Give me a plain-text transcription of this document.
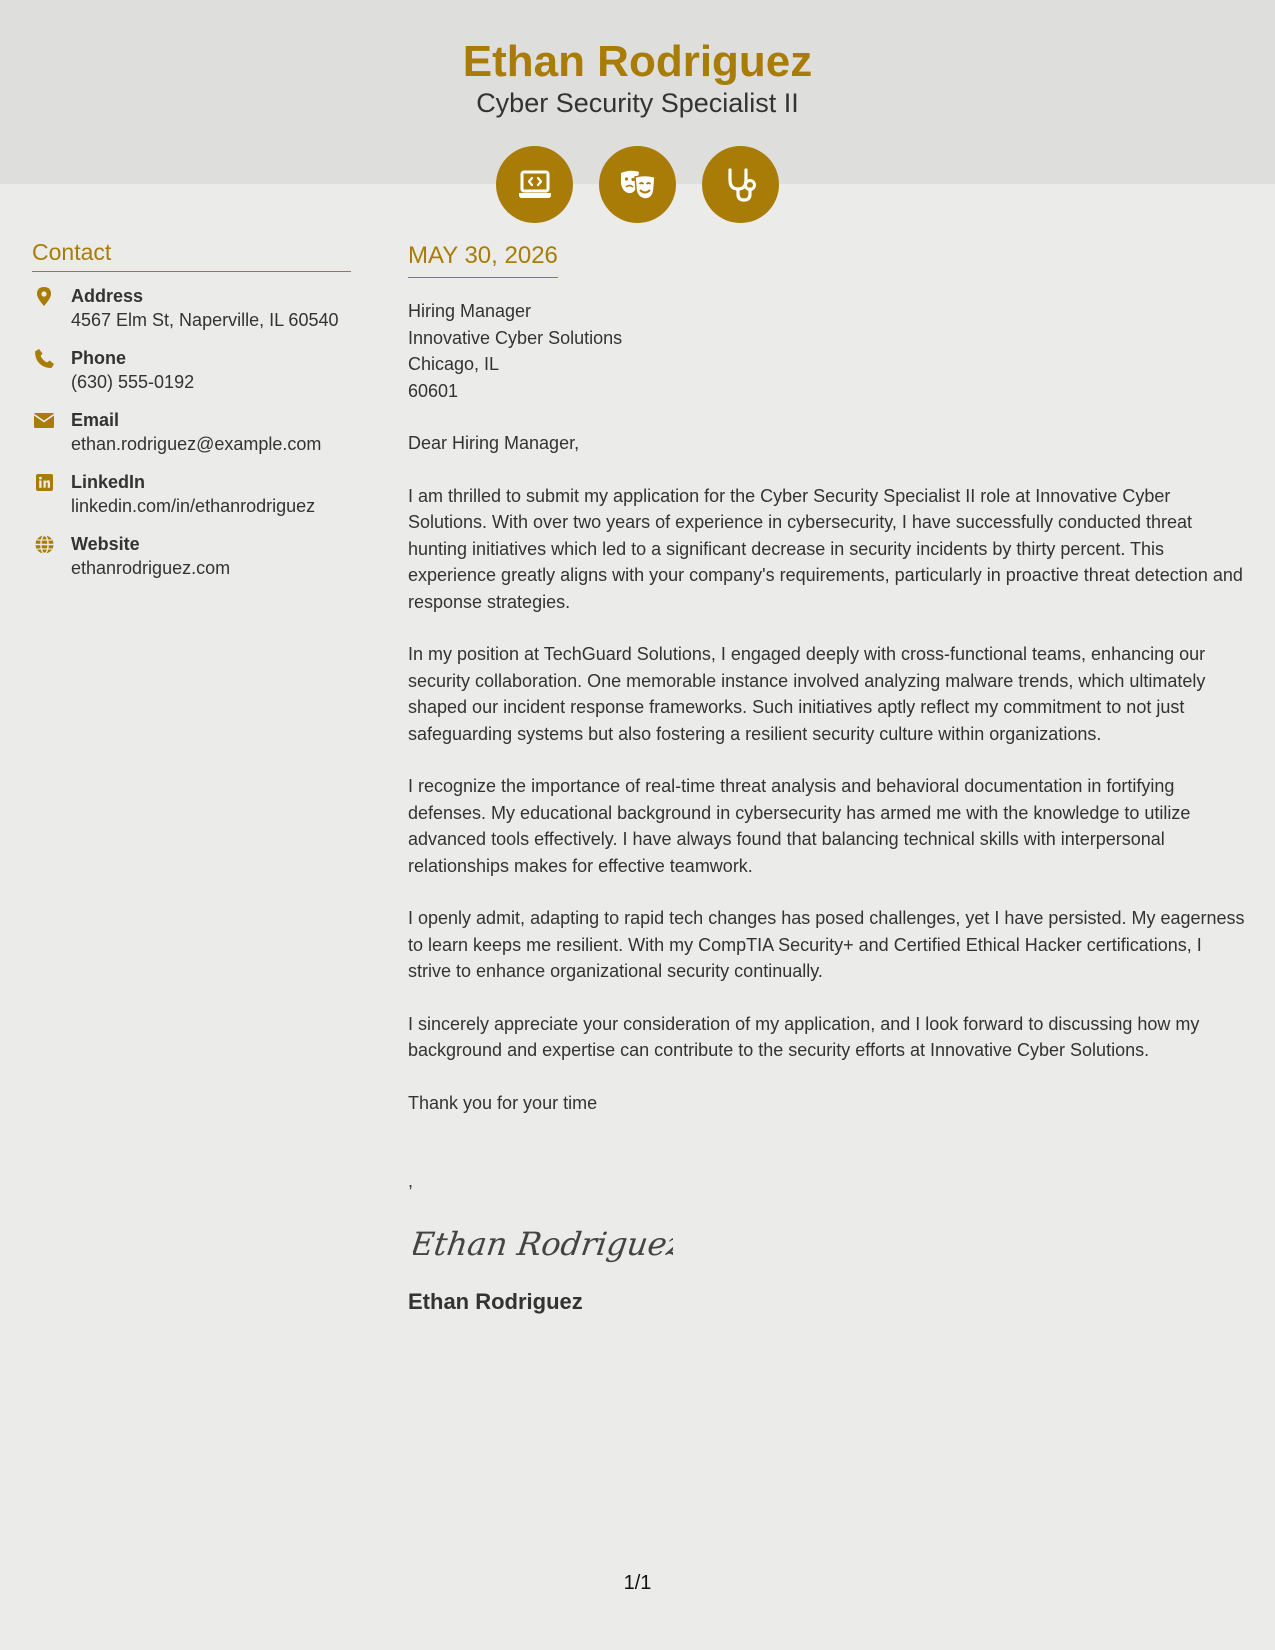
Ethan Rodriguez
Cyber Security Specialist II
Contact
Address
4567 Elm St, Naperville, IL 60540
Phone
(630) 555-0192
Email
ethan.rodriguez@example.com
LinkedIn
linkedin.com/in/ethanrodriguez
Website
ethanrodriguez.com
MAY 30, 2026
Hiring Manager
Innovative Cyber Solutions
Chicago, IL
60601
Dear Hiring Manager,
I am thrilled to submit my application for the Cyber Security Specialist II role at Innovative Cyber Solutions. With over two years of experience in cybersecurity, I have successfully conducted threat hunting initiatives which led to a significant decrease in security incidents by thirty percent. This experience greatly aligns with your company's requirements, particularly in proactive threat detection and response strategies.
In my position at TechGuard Solutions, I engaged deeply with cross-functional teams, enhancing our security collaboration. One memorable instance involved analyzing malware trends, which ultimately shaped our incident response frameworks. Such initiatives aptly reflect my commitment to not just safeguarding systems but also fostering a resilient security culture within organizations.
I recognize the importance of real-time threat analysis and behavioral documentation in fortifying defenses. My educational background in cybersecurity has armed me with the knowledge to utilize advanced tools effectively. I have always found that balancing technical skills with interpersonal relationships makes for effective teamwork.
I openly admit, adapting to rapid tech changes has posed challenges, yet I have persisted. My eagerness to learn keeps me resilient. With my CompTIA Security+ and Certified Ethical Hacker certifications, I strive to enhance organizational security continually.
I sincerely appreciate your consideration of my application, and I look forward to discussing how my background and expertise can contribute to the security efforts at Innovative Cyber Solutions.
Thank you for your time
,
Ethan Rodriguez
Ethan Rodriguez
1/1
